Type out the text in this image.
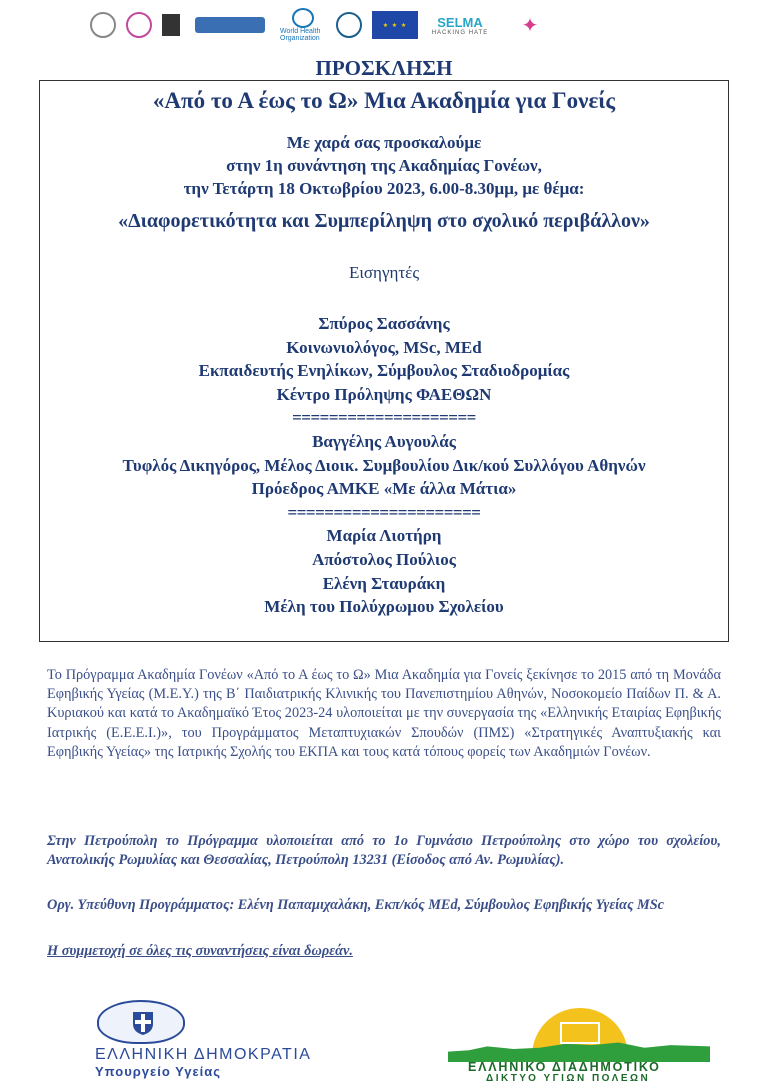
World Health Organization
★ ★ ★ SELMA
HACKING HATE	✦
ΠΡΟΣΚΛΗΣΗ
«Από το Α έως το Ω» Μια Ακαδημία για Γονείς
Με χαρά σας προσκαλούμε
στην 1η συνάντηση της Ακαδημίας Γονέων,
την Τετάρτη 18 Οκτωβρίου 2023, 6.00-8.30μμ, με θέμα:
«Διαφορετικότητα και Συμπερίληψη στο σχολικό περιβάλλον»
Εισηγητές
Σπύρος Σασσάνης
Κοινωνιολόγος, MSc, MEd
Εκπαιδευτής Ενηλίκων, Σύμβουλος Σταδιοδρομίας
Κέντρο Πρόληψης ΦΑΕΘΩΝ
====================
Βαγγέλης Αυγουλάς
Τυφλός Δικηγόρος, Μέλος Διοικ. Συμβουλίου Δικ/κού Συλλόγου Αθηνών
Πρόεδρος ΑΜΚΕ «Με άλλα Μάτια»
=====================
Μαρία Λιοτήρη
Απόστολος Πούλιος
Ελένη Σταυράκη
Μέλη του Πολύχρωμου Σχολείου
Το Πρόγραμμα Ακαδημία Γονέων «Από το Α έως το Ω» Μια Ακαδημία για Γονείς ξεκίνησε το 2015 από τη Μονάδα Εφηβικής Υγείας (Μ.Ε.Υ.) της Β΄ Παιδιατρικής Κλινικής του Πανεπιστημίου Αθηνών, Νοσοκομείο Παίδων Π. & Α. Κυριακού και κατά το Ακαδημαϊκό Έτος 2023-24 υλοποιείται με την συνεργασία της «Ελληνικής Εταιρίας Εφηβικής Ιατρικής (Ε.Ε.Ε.Ι.)», του Προγράμματος Μεταπτυχιακών Σπουδών (ΠΜΣ) «Στρατηγικές Αναπτυξιακής και Εφηβικής Υγείας» της Ιατρικής Σχολής του ΕΚΠΑ και τους κατά τόπους φορείς των Ακαδημιών Γονέων.
Στην Πετρούπολη το Πρόγραμμα υλοποιείται από το 1ο Γυμνάσιο Πετρούπολης στο χώρο του σχολείου, Ανατολικής Ρωμυλίας και Θεσσαλίας, Πετρούπολη 13231 (Είσοδος από Αν. Ρωμυλίας).
Οργ. Υπεύθυνη Προγράμματος: Ελένη Παπαμιχαλάκη, Εκπ/κός MEd, Σύμβουλος Εφηβικής Υγείας MSc
Η συμμετοχή σε όλες τις συναντήσεις είναι δωρεάν.
ΕΛΛΗΝΙΚΗ ΔΗΜΟΚΡΑΤΙΑ
Υπουργείο Υγείας	ΕΛΛΗΝΙΚΟ ΔΙΑΔΗΜΟΤΙΚΟ
ΔΙΚΤΥΟ ΥΓΙΩΝ ΠΟΛΕΩΝ
